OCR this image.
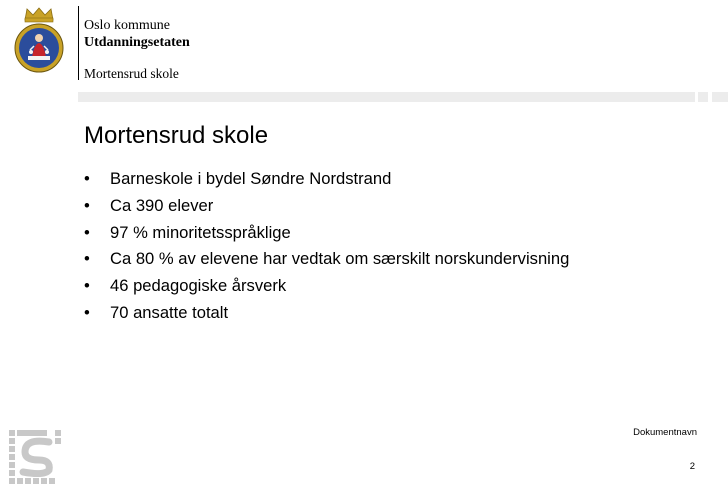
Oslo kommune
Utdanningsetaten
Mortensrud skole
Mortensrud skole
• Barneskole i bydel Søndre Nordstrand
• Ca 390 elever
• 97 % minoritetsspråklige
• Ca 80 % av elevene har vedtak om særskilt norskundervisning
• 46 pedagogiske årsverk
• 70 ansatte totalt
Dokumentnavn
2
